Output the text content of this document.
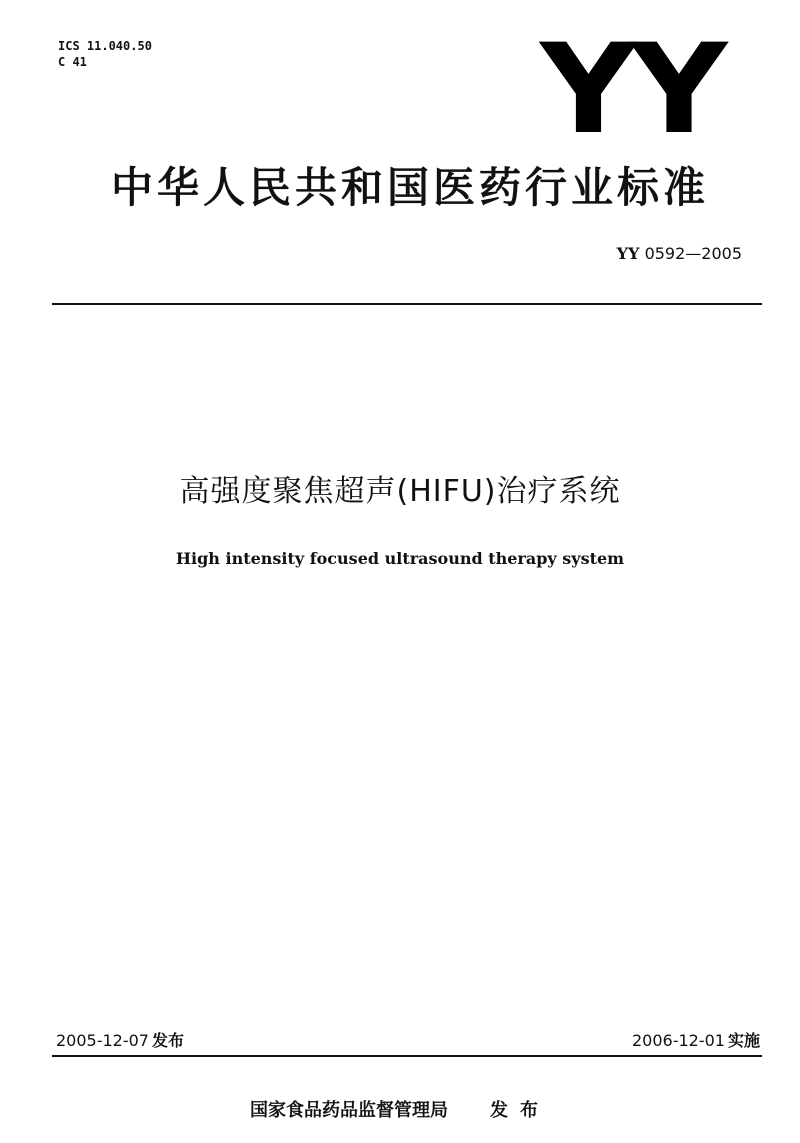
ICS 11.040.50
C 41	YY
中华人民共和国医药行业标准
YY 0592—2005
高强度聚焦超声(HIFU)治疗系统
High intensity focused ultrasound therapy system
2005-12-07 发布	2006-12-01 实施
国家食品药品监督管理局 发布
